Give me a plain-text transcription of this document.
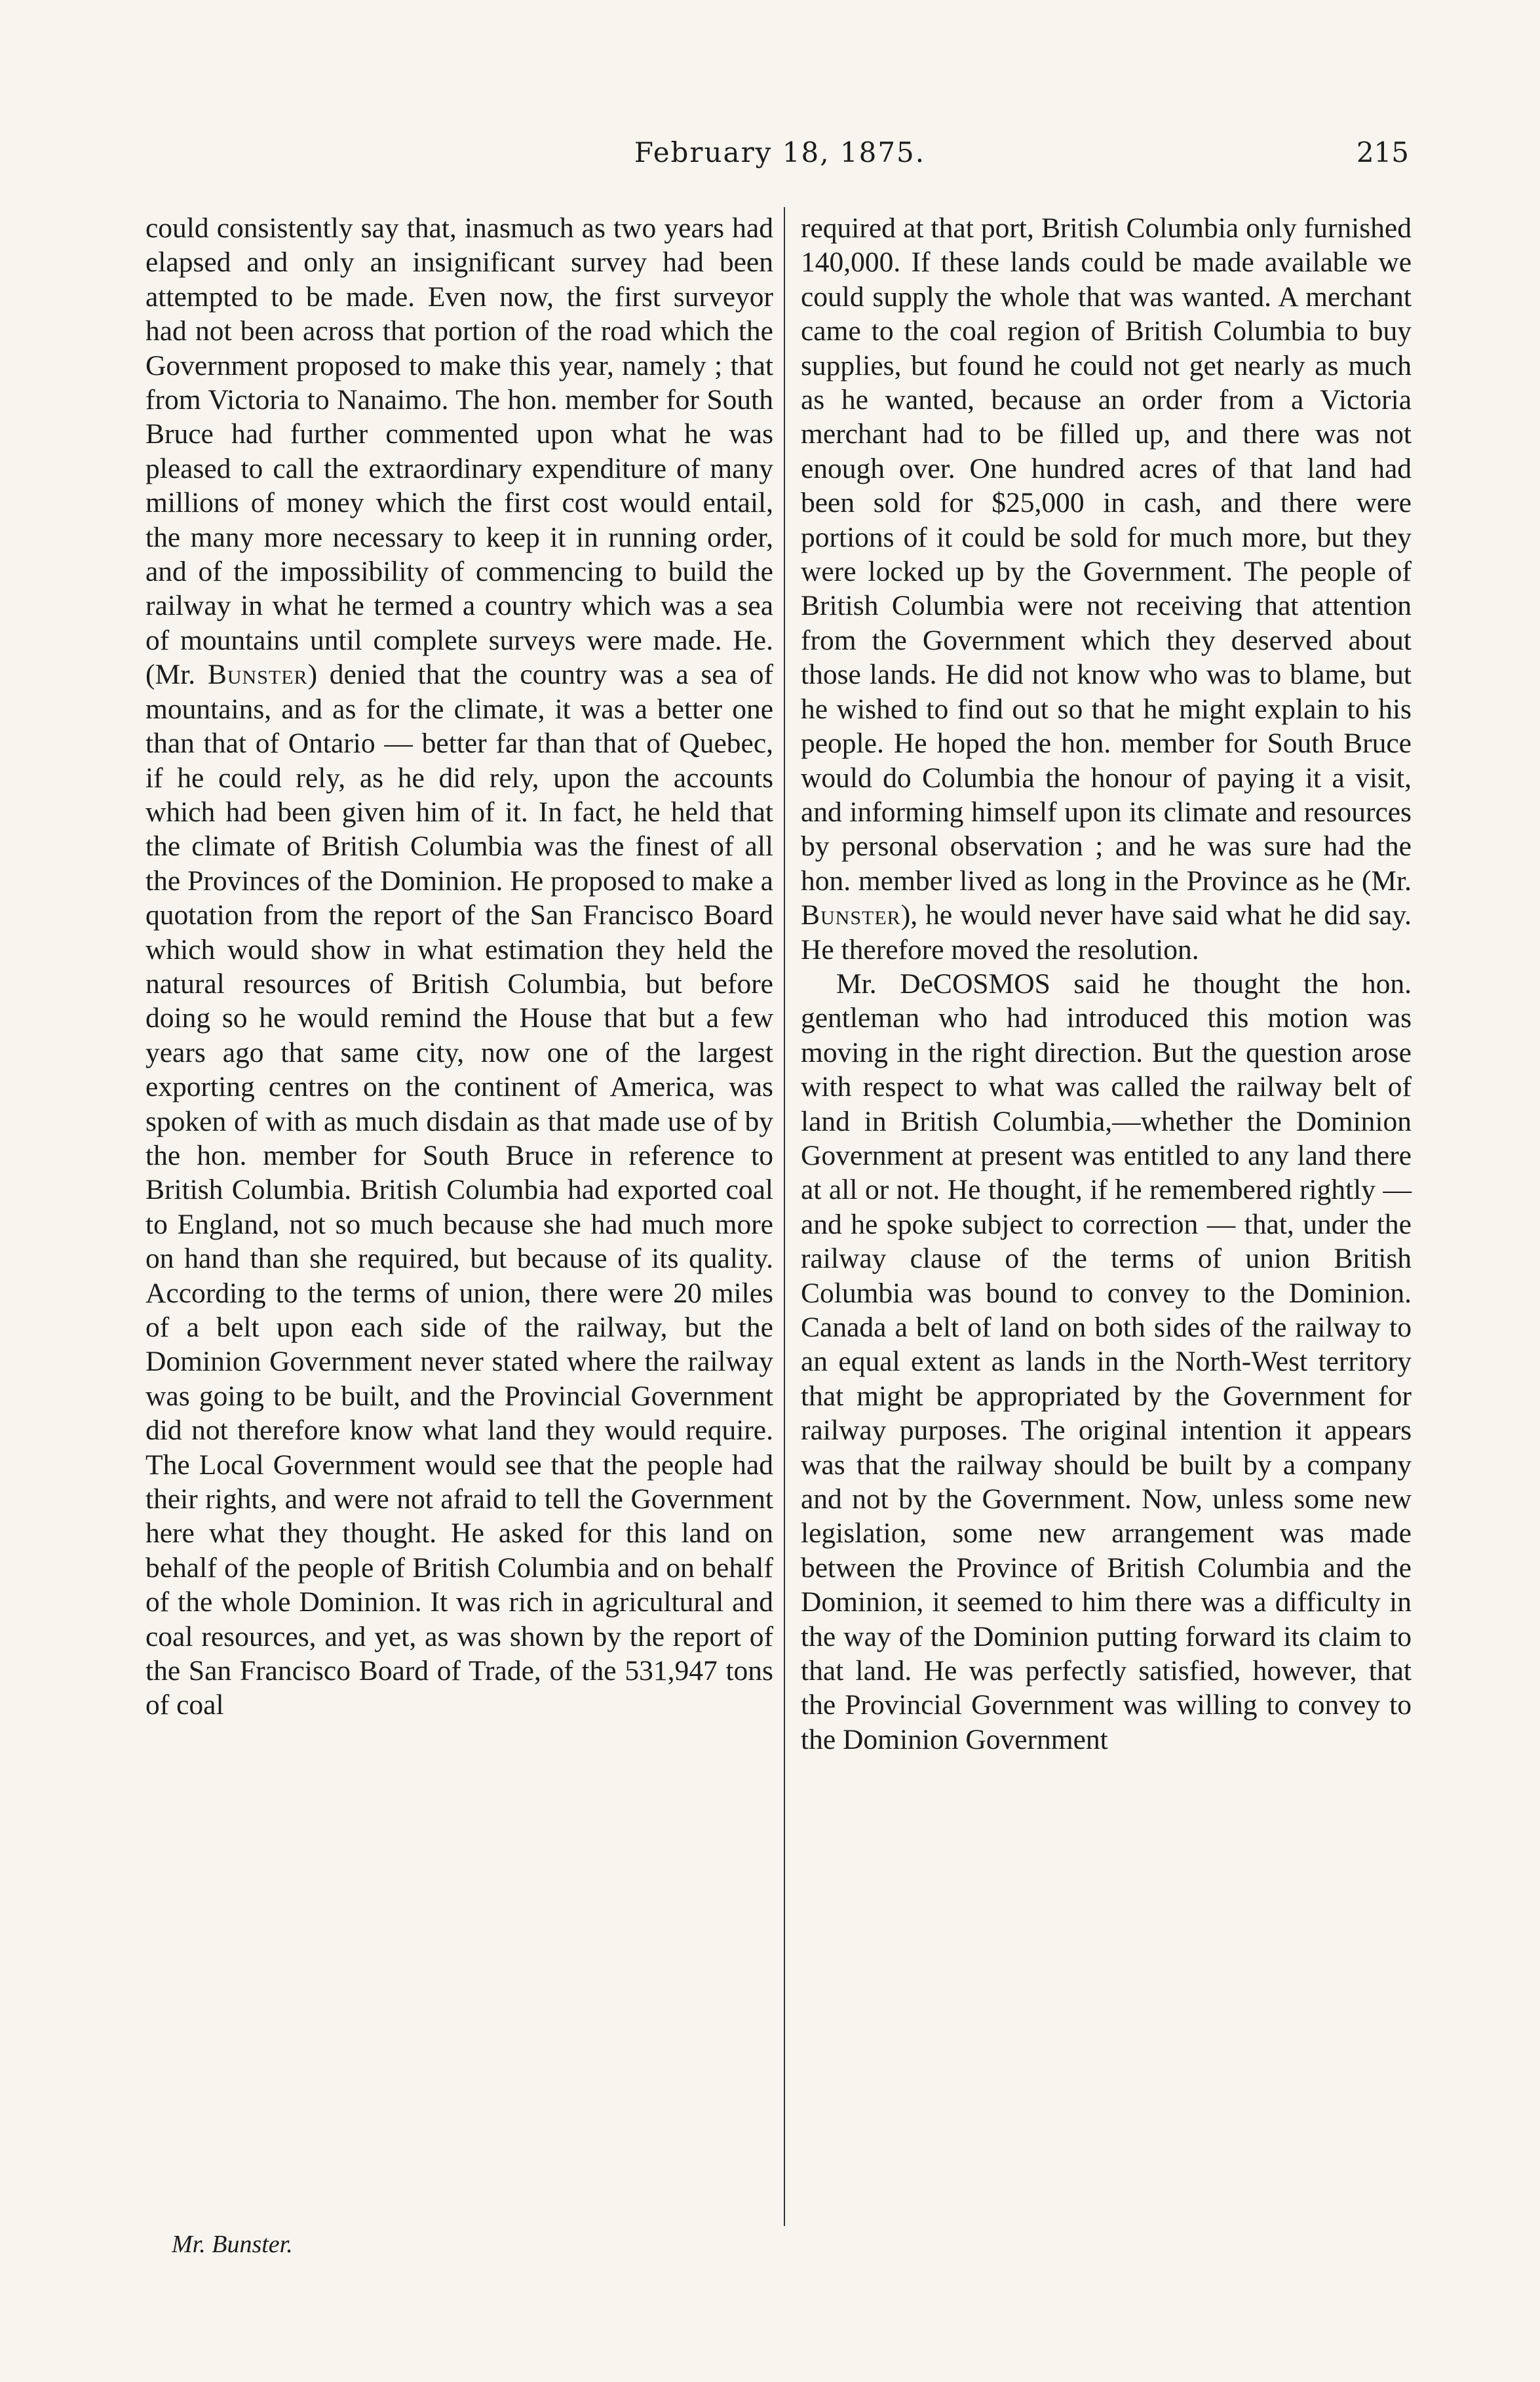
February 18, 1875.	215

could consistently say that, inasmuch as two years had elapsed and only an insignificant survey had been attempted to be made. Even now, the first surveyor had not been across that portion of the road which the Government proposed to make this year, namely ; that from Victoria to Nanaimo. The hon. member for South Bruce had further commented upon what he was pleased to call the extraordinary expenditure of many millions of money which the first cost would entail, the many more necessary to keep it in running order, and of the impossibility of commencing to build the railway in what he termed a country which was a sea of mountains until complete surveys were made. He. (Mr. Bunster) denied that the country was a sea of mountains, and as for the climate, it was a better one than that of Ontario — better far than that of Quebec, if he could rely, as he did rely, upon the accounts which had been given him of it. In fact, he held that the climate of British Columbia was the finest of all the Provinces of the Dominion. He proposed to make a quotation from the report of the San Francisco Board which would show in what estimation they held the natural resources of British Columbia, but before doing so he would remind the House that but a few years ago that same city, now one of the largest exporting centres on the continent of America, was spoken of with as much disdain as that made use of by the hon. member for South Bruce in reference to British Columbia. British Columbia had exported coal to England, not so much because she had much more on hand than she required, but because of its quality. According to the terms of union, there were 20 miles of a belt upon each side of the railway, but the Dominion Government never stated where the railway was going to be built, and the Provincial Government did not therefore know what land they would require. The Local Government would see that the people had their rights, and were not afraid to tell the Government here what they thought. He asked for this land on behalf of the people of British Columbia and on behalf of the whole Dominion. It was rich in agricultural and coal resources, and yet, as was shown by the report of the San Francisco Board of Trade, of the 531,947 tons of coal

required at that port, British Columbia only furnished 140,000. If these lands could be made available we could supply the whole that was wanted. A merchant came to the coal region of British Columbia to buy supplies, but found he could not get nearly as much as he wanted, because an order from a Victoria merchant had to be filled up, and there was not enough over. One hundred acres of that land had been sold for $25,000 in cash, and there were portions of it could be sold for much more, but they were locked up by the Government. The people of British Columbia were not receiving that attention from the Government which they deserved about those lands. He did not know who was to blame, but he wished to find out so that he might explain to his people. He hoped the hon. member for South Bruce would do Columbia the honour of paying it a visit, and informing himself upon its climate and resources by personal observation ; and he was sure had the hon. member lived as long in the Province as he (Mr. Bunster), he would never have said what he did say. He therefore moved the resolution.

Mr. DeCOSMOS said he thought the hon. gentleman who had introduced this motion was moving in the right direction. But the question arose with respect to what was called the railway belt of land in British Columbia,—whether the Dominion Government at present was entitled to any land there at all or not. He thought, if he remembered rightly — and he spoke subject to correction — that, under the railway clause of the terms of union British Columbia was bound to convey to the Dominion. Canada a belt of land on both sides of the railway to an equal extent as lands in the North-West territory that might be appropriated by the Government for railway purposes. The original intention it appears was that the railway should be built by a company and not by the Government. Now, unless some new legislation, some new arrangement was made between the Province of British Columbia and the Dominion, it seemed to him there was a difficulty in the way of the Dominion putting forward its claim to that land. He was perfectly satisfied, however, that the Provincial Government was willing to convey to the Dominion Government

Mr. Bunster.
